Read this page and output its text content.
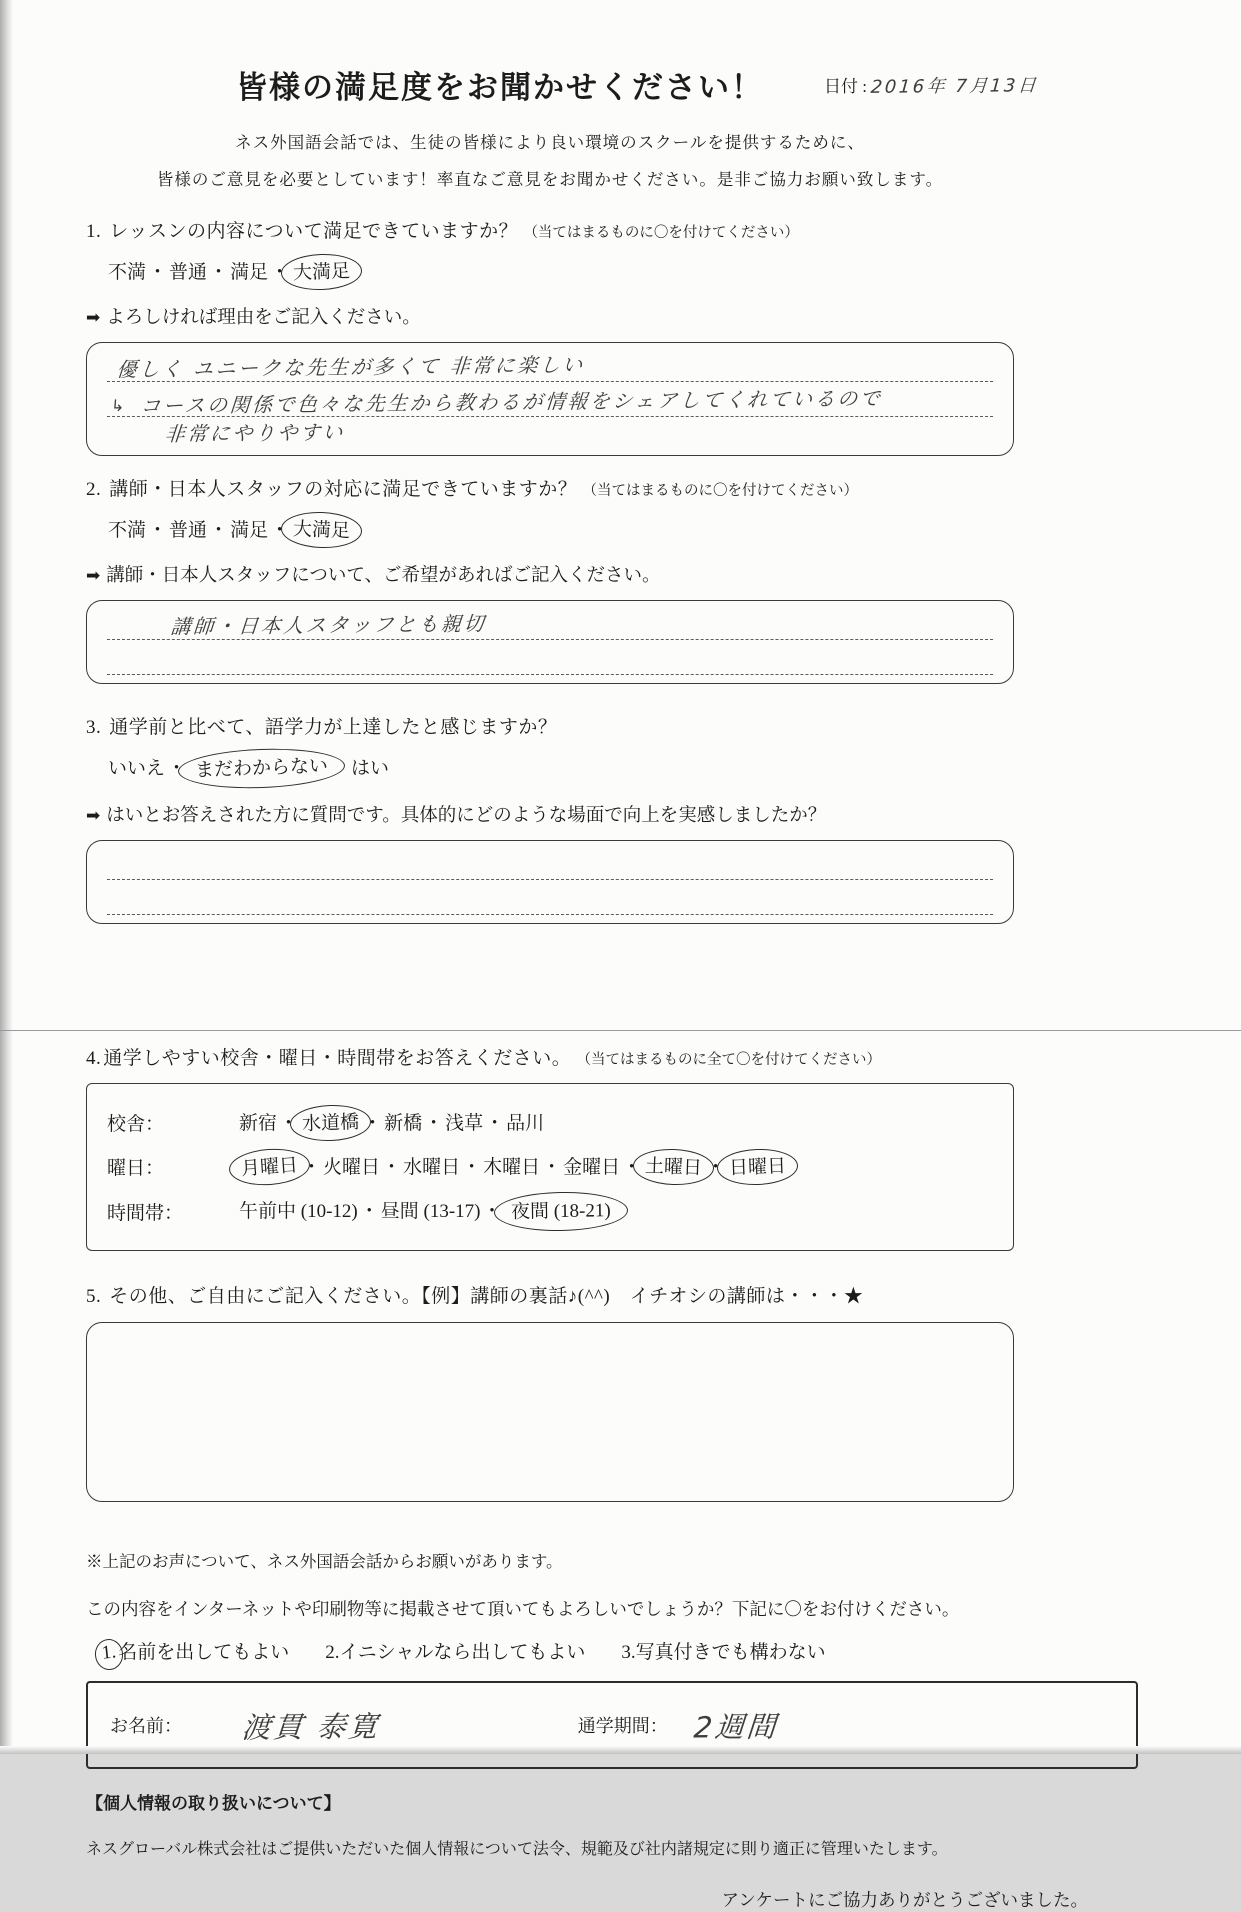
皆様の満足度をお聞かせください！	日付 : 2016年 7月13日
ネス外国語会話では、生徒の皆様により良い環境のスクールを提供するために、
皆様のご意見を必要としています！率直なご意見をお聞かせください。是非ご協力お願い致します。
1. レッスンの内容について満足できていますか？ （当てはまるものに〇を付けてください）
不満 ・ 普通 ・ 満足 ・ 大満足
➡ よろしければ理由をご記入ください。
優しく ユニークな先生が多くて 非常に楽しい
↳ コースの関係で色々な先生から教わるが情報をシェアしてくれているので
非常にやりやすい
2. 講師・日本人スタッフの対応に満足できていますか？ （当てはまるものに〇を付けてください）
不満 ・ 普通 ・ 満足 ・ 大満足
➡ 講師・日本人スタッフについて、ご希望があればご記入ください。
講師・日本人スタッフとも親切
3. 通学前と比べて、語学力が上達したと感じますか？
いいえ ・ まだわからない はい
➡ はいとお答えされた方に質問です。具体的にどのような場面で向上を実感しましたか？
4. 通学しやすい校舎・曜日・時間帯をお答えください。 （当てはまるものに全て〇を付けてください）
校舎：	新宿 ・ 水道橋 ・ 新橋 ・ 浅草 ・ 品川
曜日：	月曜日 ・ 火曜日 ・ 水曜日 ・ 木曜日 ・ 金曜日 ・ 土曜日 ・ 日曜日
時間帯：	午前中 (10-12) ・ 昼間 (13-17) ・ 夜間 (18-21)
5. その他、ご自由にご記入ください。【例】講師の裏話♪(^^)　イチオシの講師は・・・★
※上記のお声について、ネス外国語会話からお願いがあります。
この内容をインターネットや印刷物等に掲載させて頂いてもよろしいでしょうか？下記に〇をお付けください。
1.名前を出してもよい 2.イニシャルなら出してもよい 3.写真付きでも構わない
お名前： 渡貫 泰寛	通学期間： 2週間
【個人情報の取り扱いについて】
ネスグローバル株式会社はご提供いただいた個人情報について法令、規範及び社内諸規定に則り適正に管理いたします。
アンケートにご協力ありがとうございました。
